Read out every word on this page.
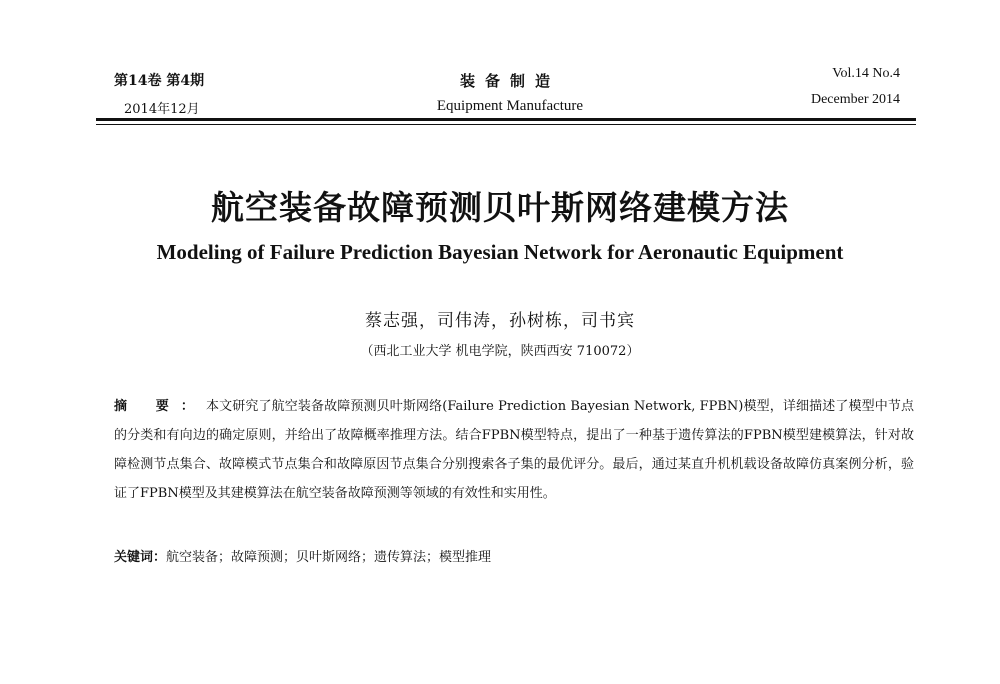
第14卷 第4期
2014年12月
装备制造
Equipment Manufacture
Vol.14 No.4
December 2014
航空装备故障预测贝叶斯网络建模方法
Modeling of Failure Prediction Bayesian Network for Aeronautic Equipment
蔡志强，司伟涛，孙树栋，司书宾
（西北工业大学 机电学院，陕西西安 710072）
摘 要：本文研究了航空装备故障预测贝叶斯网络(Failure Prediction Bayesian Network, FPBN)模型，详细描述了模型中节点的分类和有向边的确定原则，并给出了故障概率推理方法。结合FPBN模型特点，提出了一种基于遗传算法的FPBN模型建模算法，针对故障检测节点集合、故障模式节点集合和故障原因节点集合分别搜索各子集的最优评分。最后，通过某直升机机载设备故障仿真案例分析，验证了FPBN模型及其建模算法在航空装备故障预测等领域的有效性和实用性。
关键词：航空装备；故障预测；贝叶斯网络；遗传算法；模型推理
